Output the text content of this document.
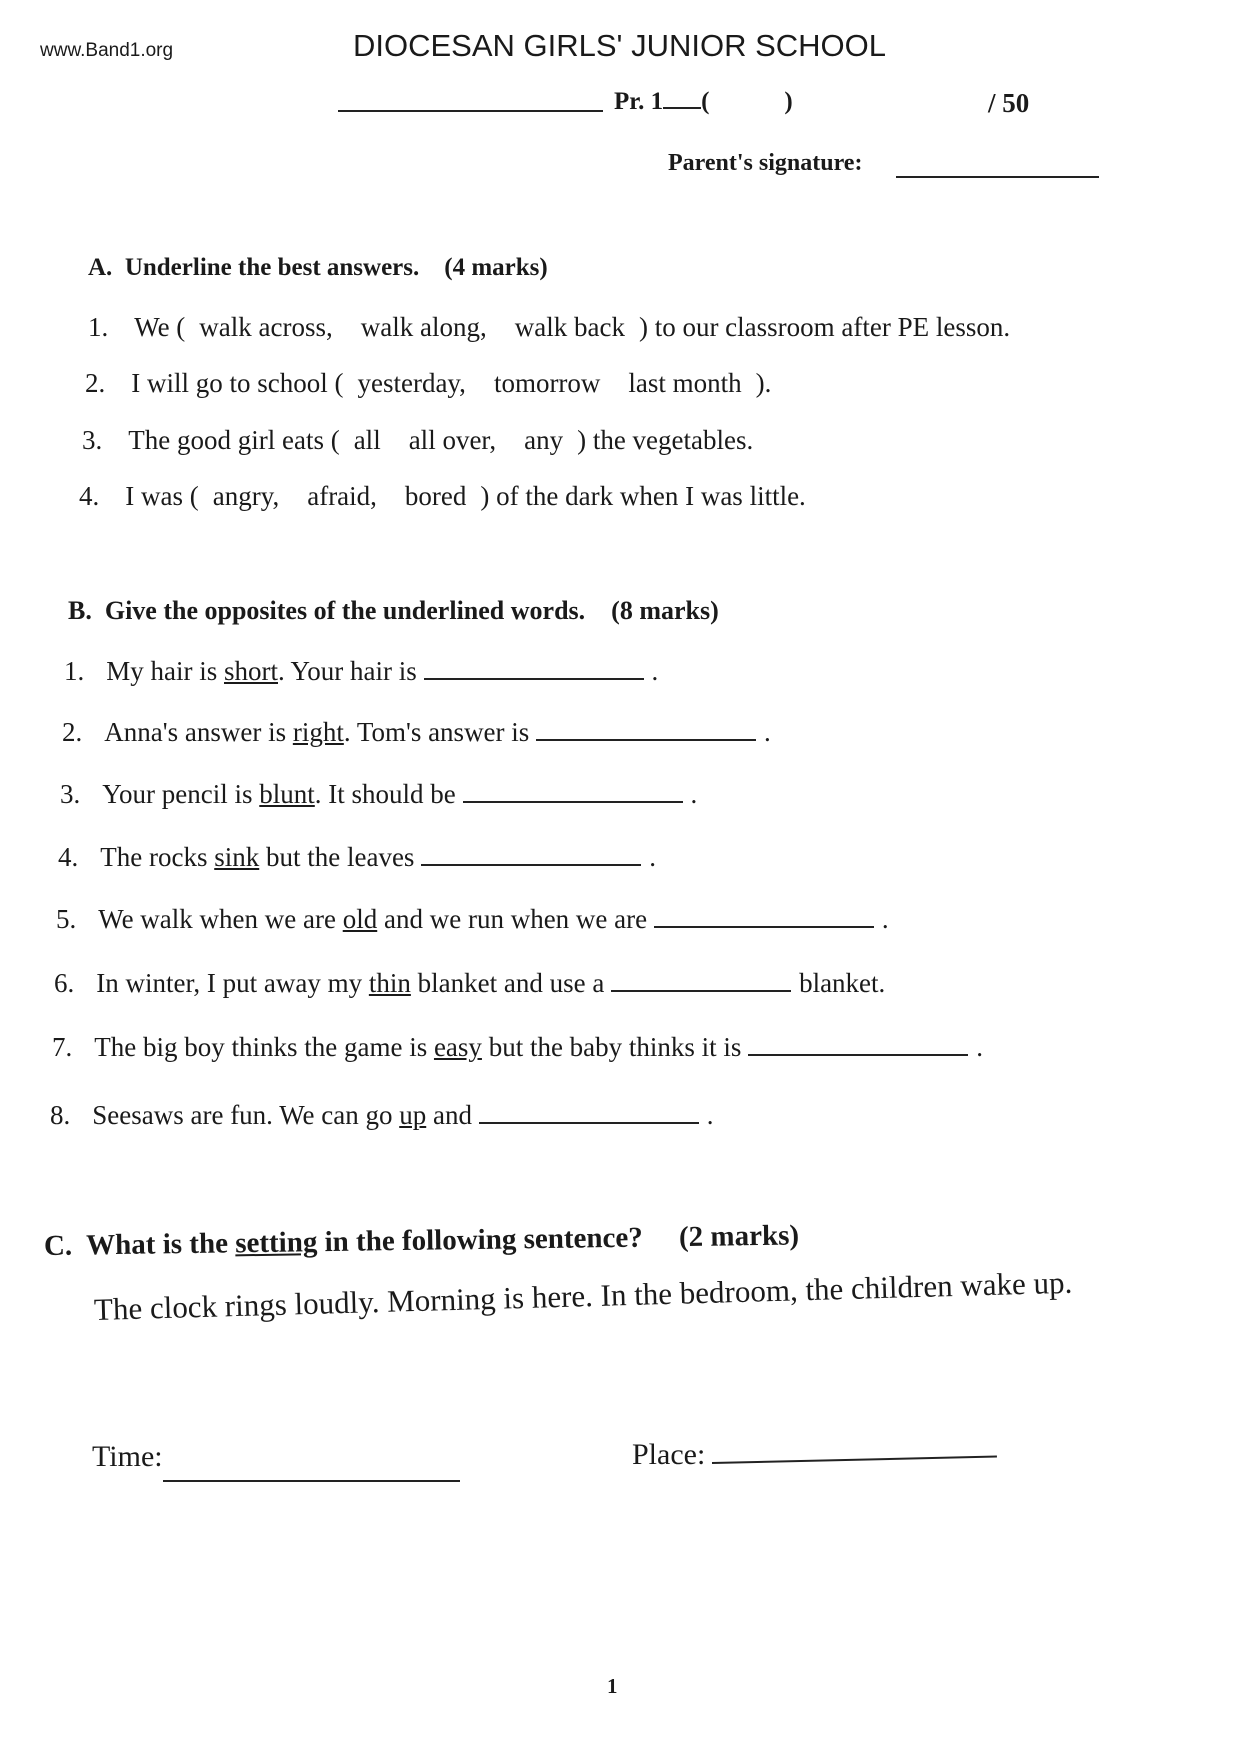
www.Band1.org	DIOCESAN GIRLS' JUNIOR SCHOOL
Pr. 1 (	)	/ 50
Parent's signature:
A. Underline the best answers. (4 marks)
1. We ( walk across, walk along, walk back ) to our classroom after PE lesson.
2. I will go to school ( yesterday, tomorrow last month ).
3. The good girl eats ( all all over, any ) the vegetables.
4. I was ( angry, afraid, bored ) of the dark when I was little.
B. Give the opposites of the underlined words. (8 marks)
1. My hair is short. Your hair is	.
2. Anna's answer is right. Tom's answer is	.
3. Your pencil is blunt. It should be	.
4. The rocks sink but the leaves	.
5. We walk when we are old and we run when we are	.
6. In winter, I put away my thin blanket and use a	blanket.
7. The big boy thinks the game is easy but the baby thinks it is	.
8. Seesaws are fun. We can go up and	.
C. What is the setting in the following sentence? (2 marks)
The clock rings loudly. Morning is here. In the bedroom, the children wake up.
Time:	Place:
1
